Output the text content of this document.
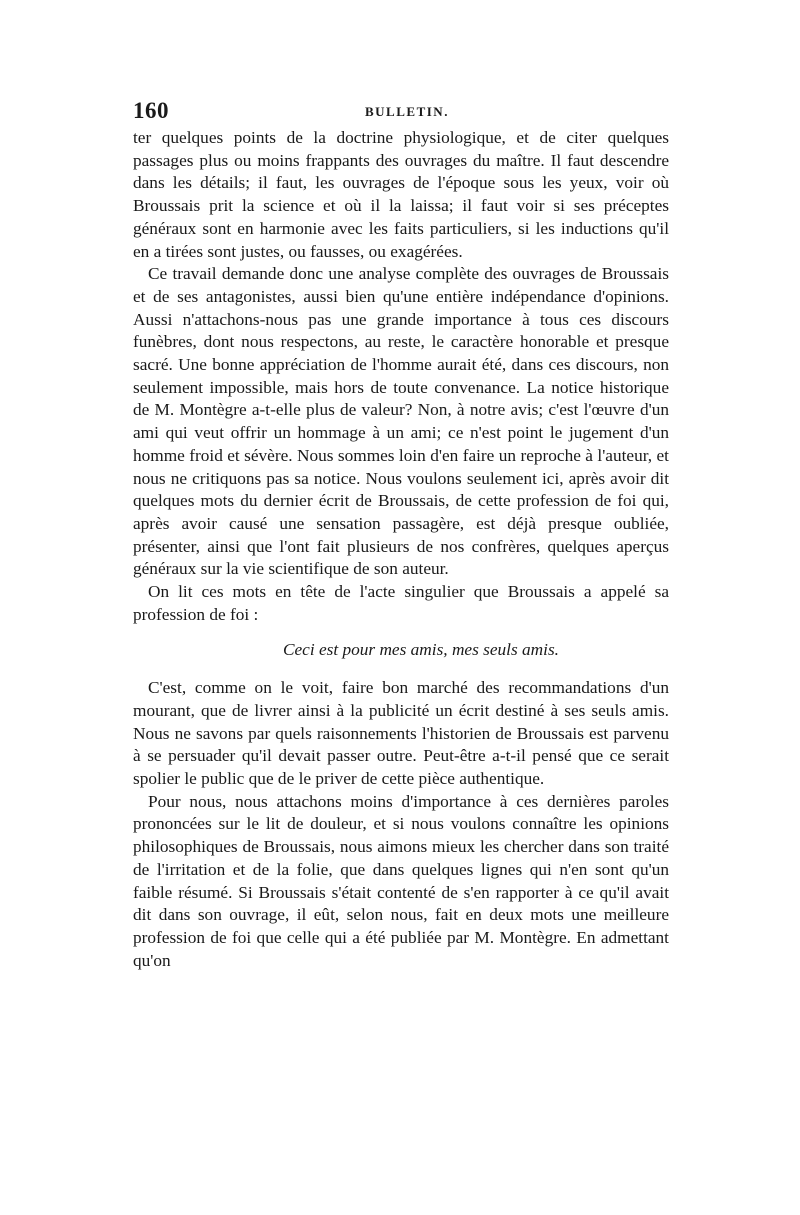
160	BULLETIN.

ter quelques points de la doctrine physiologique, et de citer quelques passages plus ou moins frappants des ouvrages du maître. Il faut descendre dans les détails; il faut, les ouvrages de l'époque sous les yeux, voir où Broussais prit la science et où il la laissa; il faut voir si ses préceptes généraux sont en harmonie avec les faits particuliers, si les inductions qu'il en a tirées sont justes, ou fausses, ou exagérées.

Ce travail demande donc une analyse complète des ouvrages de Broussais et de ses antagonistes, aussi bien qu'une entière indépendance d'opinions. Aussi n'attachons-nous pas une grande importance à tous ces discours funèbres, dont nous respectons, au reste, le caractère honorable et presque sacré. Une bonne appréciation de l'homme aurait été, dans ces discours, non seulement impossible, mais hors de toute convenance. La notice historique de M. Montègre a-t-elle plus de valeur? Non, à notre avis; c'est l'œuvre d'un ami qui veut offrir un hommage à un ami; ce n'est point le jugement d'un homme froid et sévère. Nous sommes loin d'en faire un reproche à l'auteur, et nous ne critiquons pas sa notice. Nous voulons seulement ici, après avoir dit quelques mots du dernier écrit de Broussais, de cette profession de foi qui, après avoir causé une sensation passagère, est déjà presque oubliée, présenter, ainsi que l'ont fait plusieurs de nos confrères, quelques aperçus généraux sur la vie scientifique de son auteur.

On lit ces mots en tête de l'acte singulier que Broussais a appelé sa profession de foi :

Ceci est pour mes amis, mes seuls amis.

C'est, comme on le voit, faire bon marché des recommandations d'un mourant, que de livrer ainsi à la publicité un écrit destiné à ses seuls amis. Nous ne savons par quels raisonnements l'historien de Broussais est parvenu à se persuader qu'il devait passer outre. Peut-être a-t-il pensé que ce serait spolier le public que de le priver de cette pièce authentique.

Pour nous, nous attachons moins d'importance à ces dernières paroles prononcées sur le lit de douleur, et si nous voulons connaître les opinions philosophiques de Broussais, nous aimons mieux les chercher dans son traité de l'irritation et de la folie, que dans quelques lignes qui n'en sont qu'un faible résumé. Si Broussais s'était contenté de s'en rapporter à ce qu'il avait dit dans son ouvrage, il eût, selon nous, fait en deux mots une meilleure profession de foi que celle qui a été publiée par M. Montègre. En admettant qu'on
